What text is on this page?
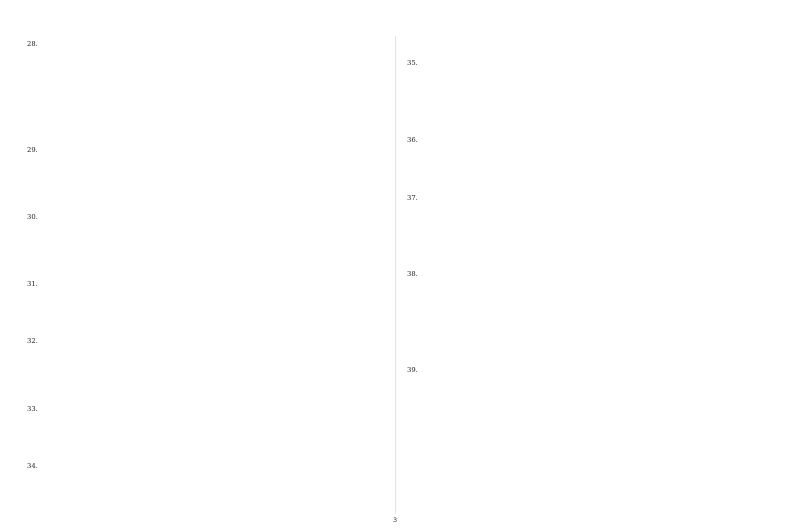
28.
29.
30.
31.
32.
33.
34.
35.
36.
37.
38.
39.
3
